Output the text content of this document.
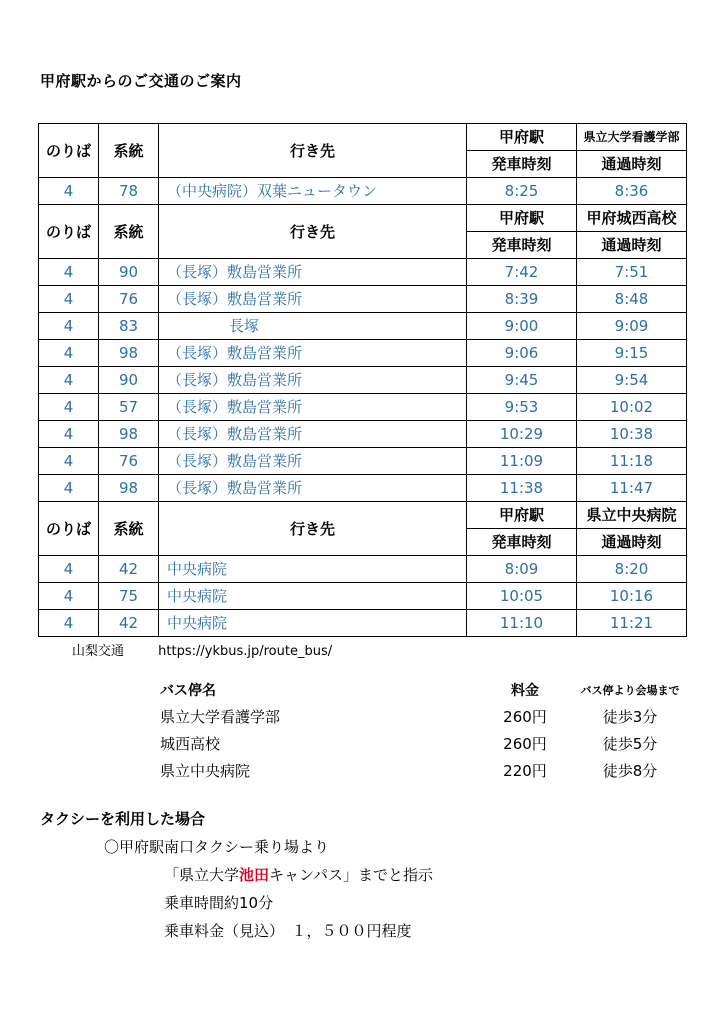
甲府駅からのご交通のご案内
のりば	系統	行き先	甲府駅	県立大学看護学部
			発車時刻	通過時刻
4	78	（中央病院）双葉ニュータウン	8:25	8:36
のりば	系統	行き先	甲府駅	甲府城西高校
			発車時刻	通過時刻
4	90	（長塚）敷島営業所	7:42	7:51
4	76	（長塚）敷島営業所	8:39	8:48
4	83	長塚	9:00	9:09
4	98	（長塚）敷島営業所	9:06	9:15
4	90	（長塚）敷島営業所	9:45	9:54
4	57	（長塚）敷島営業所	9:53	10:02
4	98	（長塚）敷島営業所	10:29	10:38
4	76	（長塚）敷島営業所	11:09	11:18
4	98	（長塚）敷島営業所	11:38	11:47
のりば	系統	行き先	甲府駅	県立中央病院
			発車時刻	通過時刻
4	42	中央病院	8:09	8:20
4	75	中央病院	10:05	10:16
4	42	中央病院	11:10	11:21
山梨交通	https://ykbus.jp/route_bus/
バス停名	料金	バス停より会場まで
県立大学看護学部	260円	徒歩3分
城西高校	260円	徒歩5分
県立中央病院	220円	徒歩8分
タクシーを利用した場合
〇甲府駅南口タクシー乗り場より
「県立大学池田キャンパス」までと指示
乗車時間約10分
乗車料金（見込）　１，５００円程度
